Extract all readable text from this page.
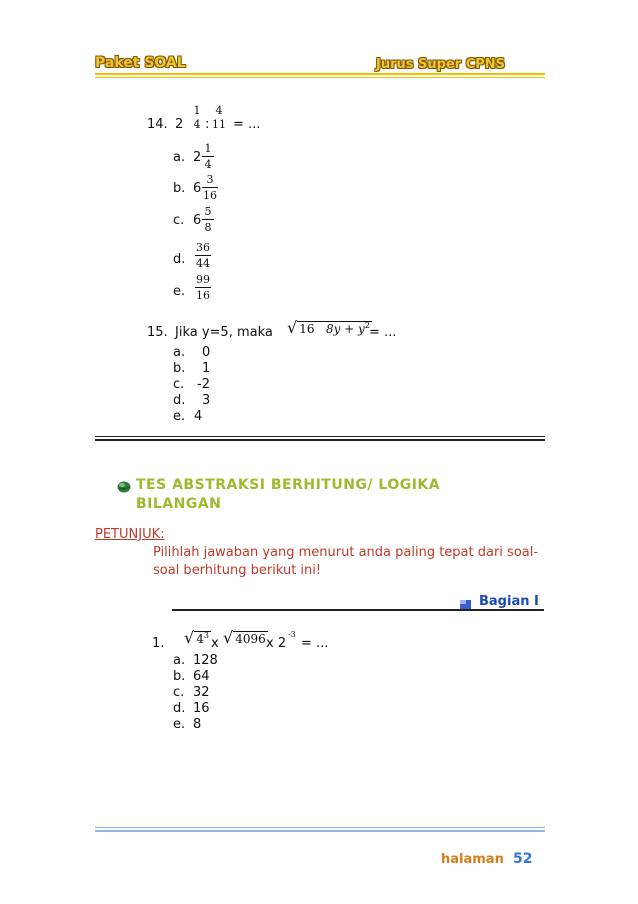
Paket SOAL	Jurus Super CPNS
14. 2
1
4 :
4
11 = ...
a. 2
1
4
b. 6
3
16
c. 6
5
8
d.
36
44
e.
99
16
15. Jika y=5, maka √ 16 $8y + y^2$ = ...
a. 0
b. 1
c. -2
d. 3
e. 4
TES ABSTRAKSI BERHITUNG/ LOGIKA
BILANGAN
PETUNJUK:
Pilihlah jawaban yang menurut anda paling tepat dari soal-
soal berhitung berikut ini!
Bagian I
1. √ $4^3$
x √ 4096 x 2
-3
= ...
a. 128
b. 64
c. 32
d. 16
e. 8
halaman 52
